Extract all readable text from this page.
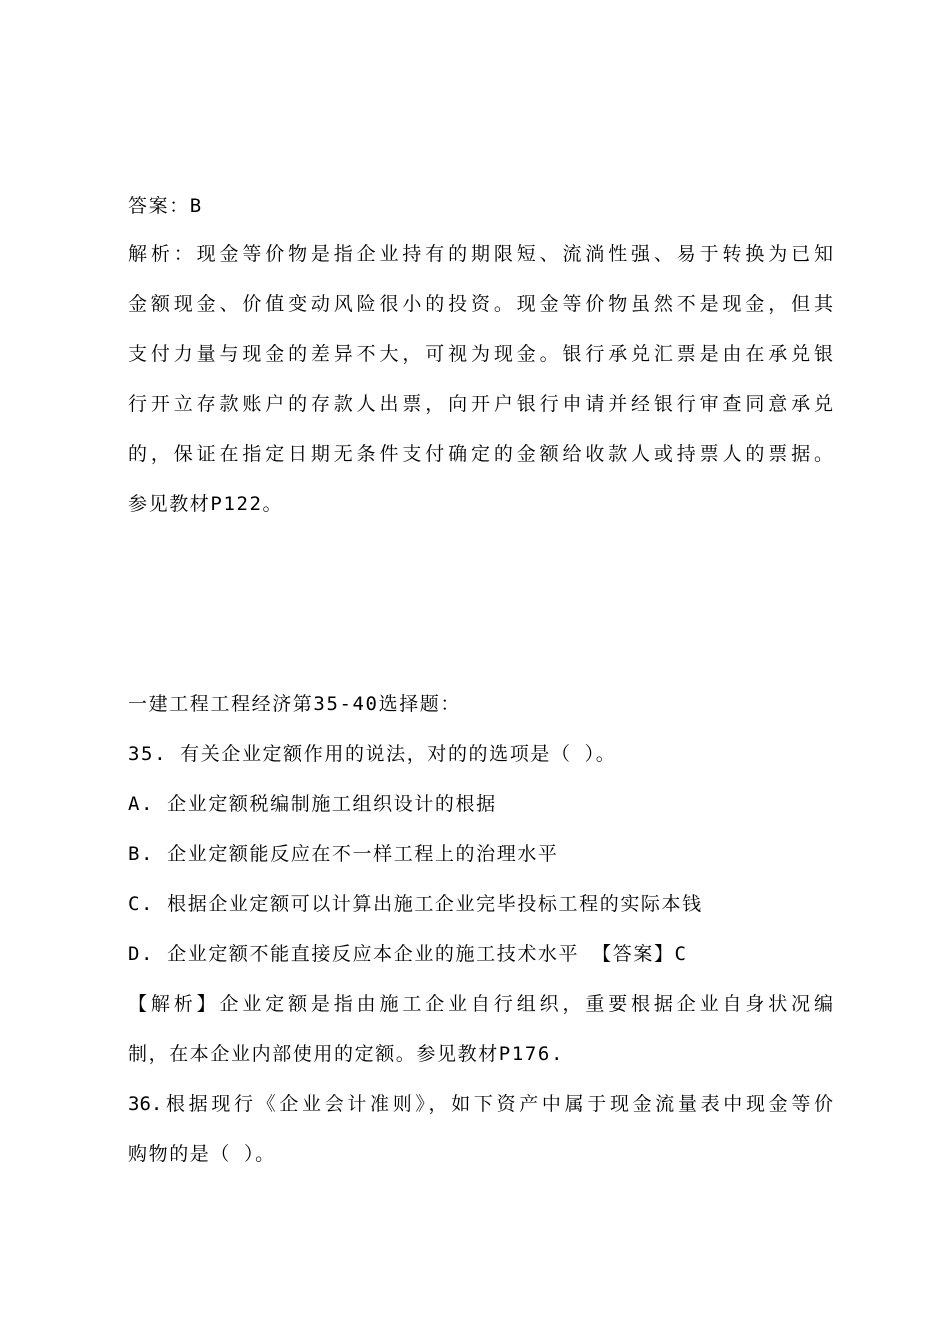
答案：B
解析：现金等价物是指企业持有的期限短、流淌性强、易于转换为已知
金额现金、价值变动风险很小的投资。现金等价物虽然不是现金，但其
支付力量与现金的差异不大，可视为现金。银行承兑汇票是由在承兑银
行开立存款账户的存款人出票，向开户银行申请并经银行审查同意承兑
的，保证在指定日期无条件支付确定的金额给收款人或持票人的票据。
参见教材P122。
一建工程工程经济第35-40选择题：
35. 有关企业定额作用的说法，对的的选项是（ ）。
A. 企业定额税编制施工组织设计的根据
B. 企业定额能反应在不一样工程上的治理水平
C. 根据企业定额可以计算出施工企业完毕投标工程的实际本钱
D. 企业定额不能直接反应本企业的施工技术水平 【答案】C
【解析】企业定额是指由施工企业自行组织，重要根据企业自身状况编
制，在本企业内部使用的定额。参见教材P176.
36.根据现行《企业会计准则》，如下资产中属于现金流量表中现金等价
购物的是（ ）。
